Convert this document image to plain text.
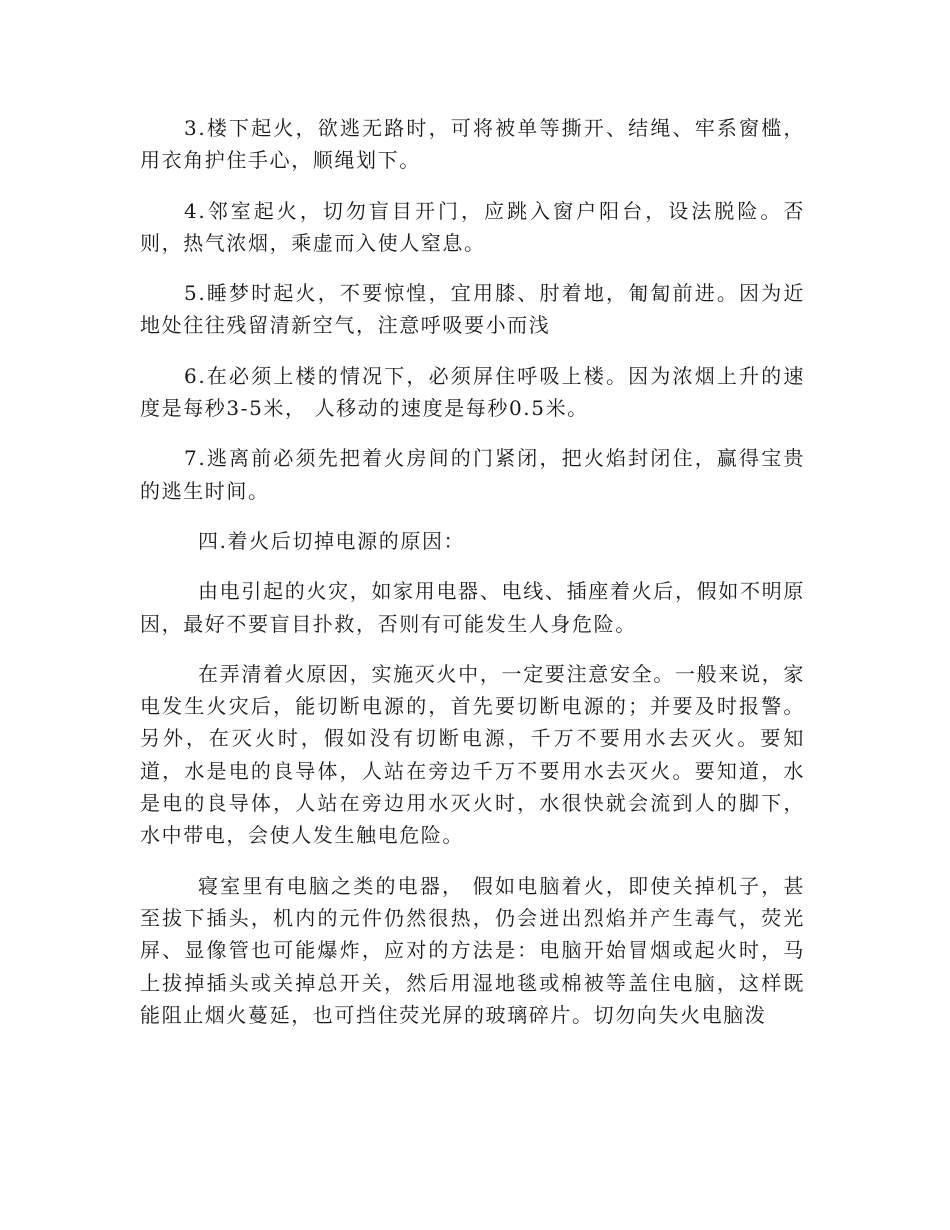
3.楼下起火，欲逃无路时，可将被单等撕开、结绳、牢系窗槛，用衣角护住手心，顺绳划下。

4.邻室起火，切勿盲目开门，应跳入窗户阳台，设法脱险。否则，热气浓烟，乘虚而入使人窒息。

5.睡梦时起火，不要惊惶，宜用膝、肘着地，匍匐前进。因为近地处往往残留清新空气，注意呼吸要小而浅

6.在必须上楼的情况下，必须屏住呼吸上楼。因为浓烟上升的速度是每秒3-5米， 人移动的速度是每秒0.5米。

7.逃离前必须先把着火房间的门紧闭，把火焰封闭住，赢得宝贵的逃生时间。

四.着火后切掉电源的原因：

由电引起的火灾，如家用电器、电线、插座着火后，假如不明原因，最好不要盲目扑救，否则有可能发生人身危险。

在弄清着火原因，实施灭火中，一定要注意安全。一般来说，家电发生火灾后，能切断电源的，首先要切断电源的；并要及时报警。另外，在灭火时，假如没有切断电源，千万不要用水去灭火。要知道，水是电的良导体，人站在旁边千万不要用水去灭火。要知道，水是电的良导体，人站在旁边用水灭火时，水很快就会流到人的脚下，水中带电，会使人发生触电危险。

寝室里有电脑之类的电器， 假如电脑着火，即使关掉机子，甚至拔下插头，机内的元件仍然很热，仍会迸出烈焰并产生毒气，荧光屏、显像管也可能爆炸，应对的方法是：电脑开始冒烟或起火时，马上拔掉插头或关掉总开关，然后用湿地毯或棉被等盖住电脑，这样既能阻止烟火蔓延，也可挡住荧光屏的玻璃碎片。切勿向失火电脑泼
